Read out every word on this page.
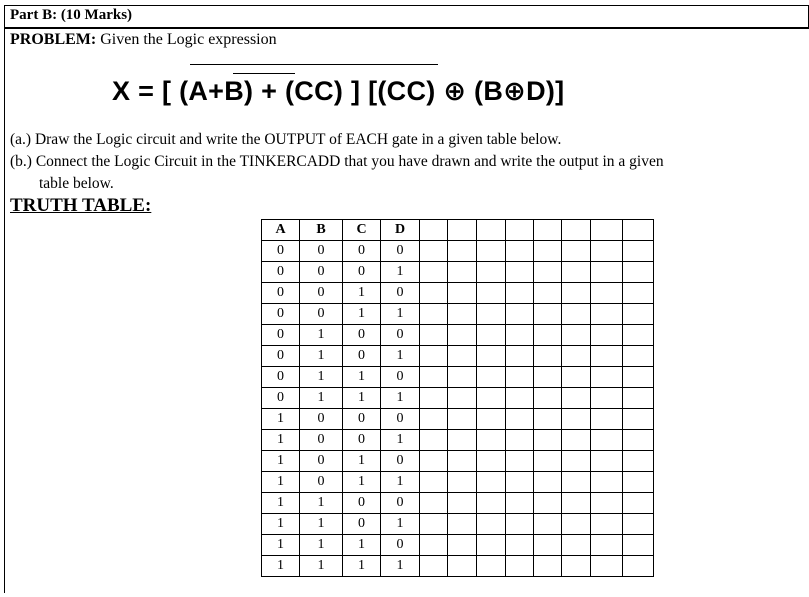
Part B: (10 Marks)
PROBLEM: Given the Logic expression
X = [ (A+B) + (CC) ] [(CC) ⊕ (B⊕D)]
(a.) Draw the Logic circuit and write the OUTPUT of EACH gate in a given table below.
(b.) Connect the Logic Circuit in the TINKERCADD that you have drawn and write the output in a given
table below.
TRUTH TABLE:
A	B	C	D								
0	0	0	0								
0	0	0	1								
0	0	1	0								
0	0	1	1								
0	1	0	0								
0	1	0	1								
0	1	1	0								
0	1	1	1								
1	0	0	0								
1	0	0	1								
1	0	1	0								
1	0	1	1								
1	1	0	0								
1	1	0	1								
1	1	1	0								
1	1	1	1								
